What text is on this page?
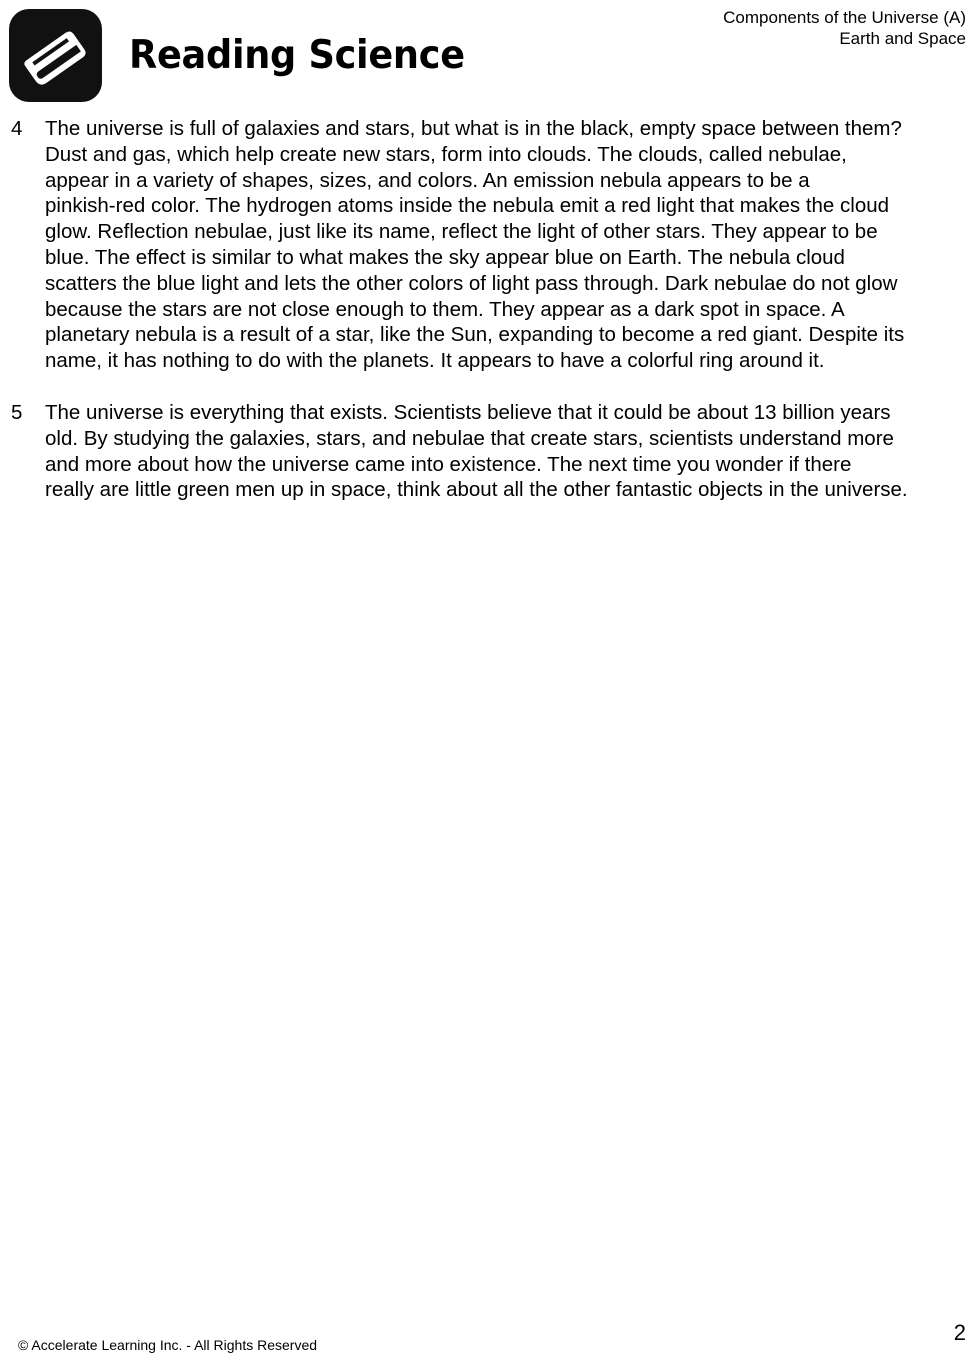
Reading Science
Components of the Universe (A)
Earth and Space
4 The universe is full of galaxies and stars, but what is in the black, empty space between them?
Dust and gas, which help create new stars, form into clouds. The clouds, called nebulae,
appear in a variety of shapes, sizes, and colors. An emission nebula appears to be a
pinkish-red color. The hydrogen atoms inside the nebula emit a red light that makes the cloud
glow. Reflection nebulae, just like its name, reflect the light of other stars. They appear to be
blue. The effect is similar to what makes the sky appear blue on Earth. The nebula cloud
scatters the blue light and lets the other colors of light pass through. Dark nebulae do not glow
because the stars are not close enough to them. They appear as a dark spot in space. A
planetary nebula is a result of a star, like the Sun, expanding to become a red giant. Despite its
name, it has nothing to do with the planets. It appears to have a colorful ring around it.
5 The universe is everything that exists. Scientists believe that it could be about 13 billion years
old. By studying the galaxies, stars, and nebulae that create stars, scientists understand more
and more about how the universe came into existence. The next time you wonder if there
really are little green men up in space, think about all the other fantastic objects in the universe.
© Accelerate Learning Inc. - All Rights Reserved	2
